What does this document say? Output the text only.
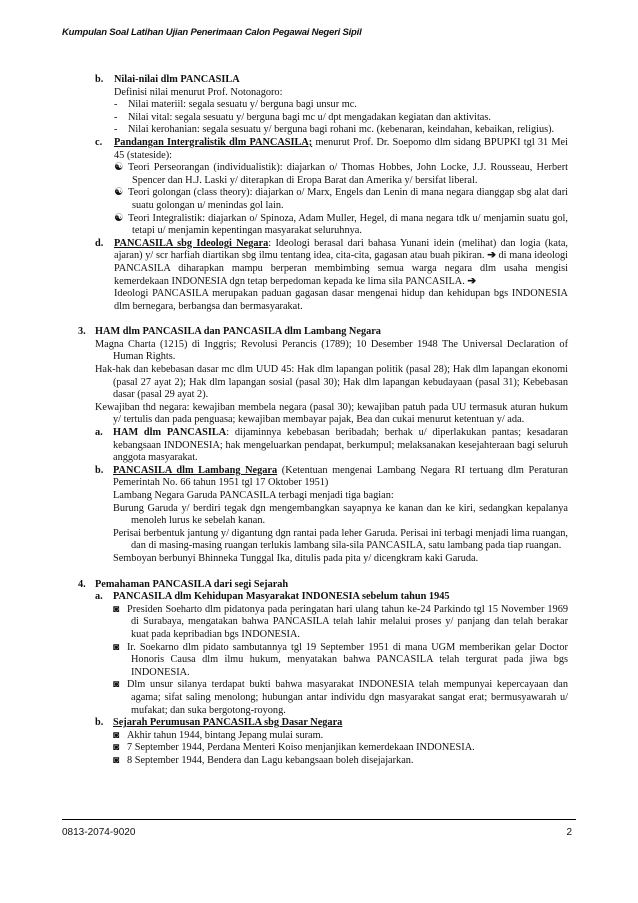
Kumpulan Soal Latihan Ujian Penerimaan Calon Pegawai Negeri Sipil
b. Nilai-nilai dlm PANCASILA
Definisi nilai menurut Prof. Notonagoro:
- Nilai materiil: segala sesuatu y/ berguna bagi unsur mc.
- Nilai vital: segala sesuatu y/ berguna bagi mc u/ dpt mengadakan kegiatan dan aktivitas.
- Nilai kerohanian: segala sesuatu y/ berguna bagi rohani mc. (kebenaran, keindahan, kebaikan, religius).
c. Pandangan Intergralistik dlm PANCASILA; menurut Prof. Dr. Soepomo dlm sidang BPUPKI tgl 31 Mei 45 (stateside):
☯ Teori Perseorangan (individualistik): diajarkan o/ Thomas Hobbes, John Locke, J.J. Rousseau, Herbert Spencer dan H.J. Laski y/ diterapkan di Eropa Barat dan Amerika y/ bersifat liberal.
☯ Teori golongan (class theory): diajarkan o/ Marx, Engels dan Lenin di mana negara dianggap sbg alat dari suatu golongan u/ menindas gol lain.
☯ Teori Integralistik: diajarkan o/ Spinoza, Adam Muller, Hegel, di mana negara tdk u/ menjamin suatu gol, tetapi u/ menjamin kepentingan masyarakat seluruhnya.
d. PANCASILA sbg Ideologi Negara: Ideologi berasal dari bahasa Yunani idein (melihat) dan logia (kata, ajaran) y/ scr harfiah diartikan sbg ilmu tentang idea, cita-cita, gagasan atau buah pikiran. ➔ di mana ideologi PANCASILA diharapkan mampu berperan membimbing semua warga negara dlm usaha mengisi kemerdekaan INDONESIA dgn tetap berpedoman kepada ke lima sila PANCASILA. ➔
Ideologi PANCASILA merupakan paduan gagasan dasar mengenai hidup dan kehidupan bgs INDONESIA dlm bernegara, berbangsa dan bermasyarakat.
3. HAM dlm PANCASILA dan PANCASILA dlm Lambang Negara
Magna Charta (1215) di Inggris; Revolusi Perancis (1789); 10 Desember 1948 The Universal Declaration of Human Rights.
Hak-hak dan kebebasan dasar mc dlm UUD 45: Hak dlm lapangan politik (pasal 28); Hak dlm lapangan ekonomi (pasal 27 ayat 2); Hak dlm lapangan sosial (pasal 30); Hak dlm lapangan kebudayaan (pasal 31); Kebebasan dasar (pasal 29 ayat 2).
Kewajiban thd negara: kewajiban membela negara (pasal 30); kewajiban patuh pada UU termasuk aturan hukum y/ tertulis dan pada penguasa; kewajiban membayar pajak, Bea dan cukai menurut ketentuan y/ ada.
a. HAM dlm PANCASILA: dijaminnya kebebasan beribadah; berhak u/ diperlakukan pantas; kesadaran kebangsaan INDONESIA; hak mengeluarkan pendapat, berkumpul; melaksanakan kesejahteraan bagi seluruh anggota masyarakat.
b. PANCASILA dlm Lambang Negara (Ketentuan mengenai Lambang Negara RI tertuang dlm Peraturan Pemerintah No. 66 tahun 1951 tgl 17 Oktober 1951)
Lambang Negara Garuda PANCASILA terbagi menjadi tiga bagian:
Burung Garuda y/ berdiri tegak dgn mengembangkan sayapnya ke kanan dan ke kiri, sedangkan kepalanya menoleh lurus ke sebelah kanan.
Perisai berbentuk jantung y/ digantung dgn rantai pada leher Garuda. Perisai ini terbagi menjadi lima ruangan, dan di masing-masing ruangan terlukis lambang sila-sila PANCASILA, satu lambang pada tiap ruangan.
Semboyan berbunyi Bhinneka Tunggal Ika, ditulis pada pita y/ dicengkram kaki Garuda.
4. Pemahaman PANCASILA dari segi Sejarah
a. PANCASILA dlm Kehidupan Masyarakat INDONESIA sebelum tahun 1945
◙ Presiden Soeharto dlm pidatonya pada peringatan hari ulang tahun ke-24 Parkindo tgl 15 November 1969 di Surabaya, mengatakan bahwa PANCASILA telah lahir melalui proses y/ panjang dan telah berakar kuat pada kepribadian bgs INDONESIA.
◙ Ir. Soekarno dlm pidato sambutannya tgl 19 September 1951 di mana UGM memberikan gelar Doctor Honoris Causa dlm ilmu hukum, menyatakan bahwa PANCASILA telah tergurat pada jiwa bgs INDONESIA.
◙ Dlm unsur silanya terdapat bukti bahwa masyarakat INDONESIA telah mempunyai kepercayaan dan agama; sifat saling menolong; hubungan antar individu dgn masyarakat sangat erat; bermusyawarah u/ mufakat; dan suka bergotong-royong.
b. Sejarah Perumusan PANCASILA sbg Dasar Negara
◙ Akhir tahun 1944, bintang Jepang mulai suram.
◙ 7 September 1944, Perdana Menteri Koiso menjanjikan kemerdekaan INDONESIA.
◙ 8 September 1944, Bendera dan Lagu kebangsaan boleh disejajarkan.
0813-2074-9020	2
